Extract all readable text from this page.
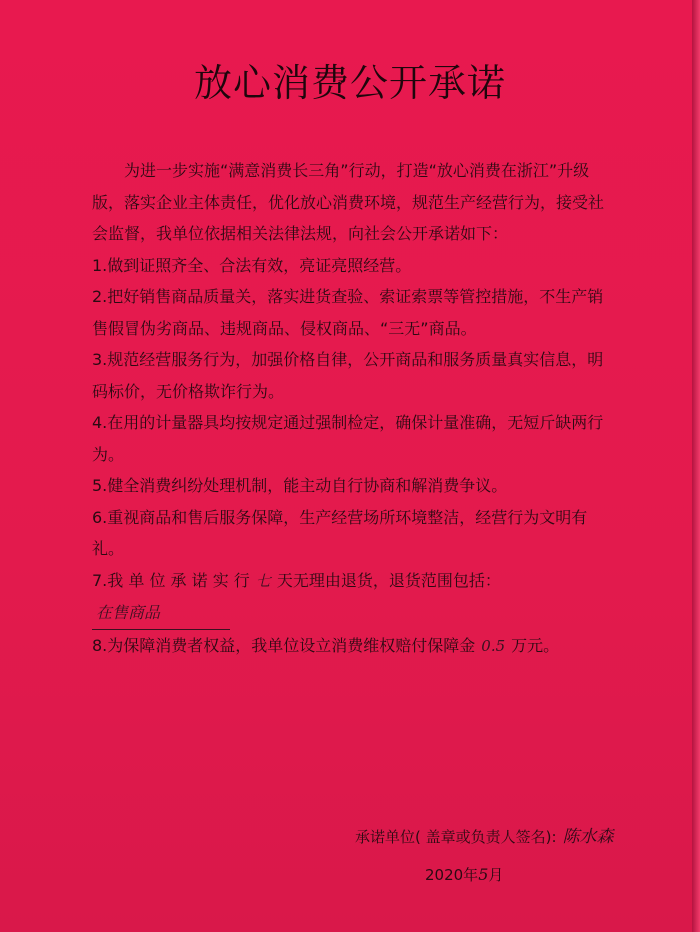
放心消费公开承诺

为进一步实施“满意消费长三角”行动，打造“放心消费在浙江”升级版，落实企业主体责任，优化放心消费环境，规范生产经营行为，接受社会监督，我单位依据相关法律法规，向社会公开承诺如下：

1.做到证照齐全、合法有效，亮证亮照经营。

2.把好销售商品质量关，落实进货查验、索证索票等管控措施，不生产销售假冒伪劣商品、违规商品、侵权商品、“三无”商品。

3.规范经营服务行为，加强价格自律，公开商品和服务质量真实信息，明码标价，无价格欺诈行为。

4.在用的计量器具均按规定通过强制检定，确保计量准确，无短斤缺两行为。

5.健全消费纠纷处理机制，能主动自行协商和解消费争议。

6.重视商品和售后服务保障，生产经营场所环境整洁，经营行为文明有礼。

7.我 单 位 承 诺 实 行 七 天无理由退货，退货范围包括：在售商品

8.为保障消费者权益，我单位设立消费维权赔付保障金 0.5 万元。

承诺单位( 盖章或负责人签名): 陈水森
2020年5月
